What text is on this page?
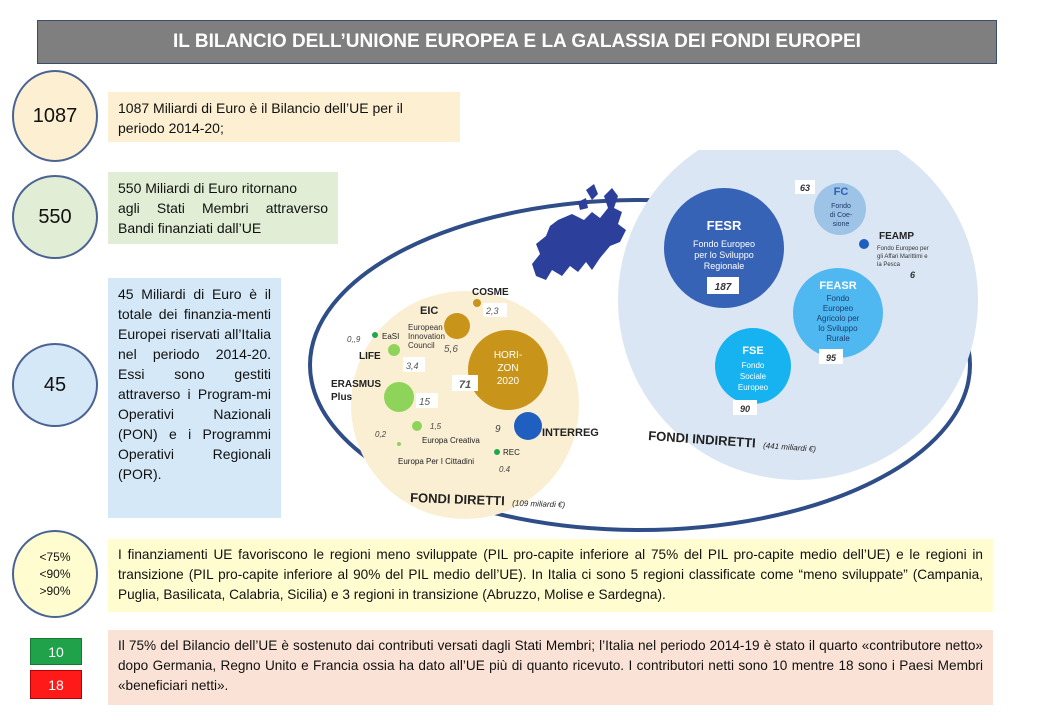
IL BILANCIO DELL’UNIONE EUROPEA E LA GALASSIA DEI FONDI EUROPEI
1087	1087 Miliardi di Euro è il Bilancio dell’UE per il periodo 2014-20;
550
550 Miliardi di Euro ritornano
agli Stati Membri attraverso
Bandi finanziati dall’UE
45
45 Miliardi di Euro è il totale dei finanzia-menti Europei riservati all’Italia nel periodo 2014-20. Essi sono gestiti attraverso i Program-mi Operativi Nazionali (PON) e i Programmi Operativi Regionali (POR).
HORI-
ZON
2020
71
EIC
European
Innovation
Council 5,6
COSME
2,3
EaSI
0,,9
LIFE
3,4
ERASMUS
Plus	15
1,5
Europa Creativa
0,2
Europa Per I Cittadini
INTERREG
9
REC
0.4
FONDI DIRETTI (109 miliardi €)
FESR
Fondo Europeo
per lo Sviluppo
Regionale
187
FC
Fondo
di Coe-
sione
63
FEAMP
Fondo Europeo per
gli Affari Marittimi e
la Pesca
6
FEASR
Fondo
Europeo
Agricolo per
lo Sviluppo
Rurale
95
FSE
Fondo
Sociale
Europeo
90
FONDI INDIRETTI (441 miliardi €)
<75%
<90%
>90%
I finanziamenti UE favoriscono le regioni meno sviluppate (PIL pro-capite inferiore al 75% del PIL pro-capite medio dell’UE) e le regioni in transizione (PIL pro-capite inferiore al 90% del PIL medio dell’UE). In Italia ci sono 5 regioni classificate come “meno sviluppate” (Campania, Puglia, Basilicata, Calabria, Sicilia) e 3 regioni in transizione (Abruzzo, Molise e Sardegna).
10
18
Il 75% del Bilancio dell’UE è sostenuto dai contributi versati dagli Stati Membri; l’Italia nel periodo 2014-19 è stato il quarto «contributore netto» dopo Germania, Regno Unito e Francia ossia ha dato all’UE più di quanto ricevuto. I contributori netti sono 10 mentre 18 sono i Paesi Membri «beneficiari netti».
